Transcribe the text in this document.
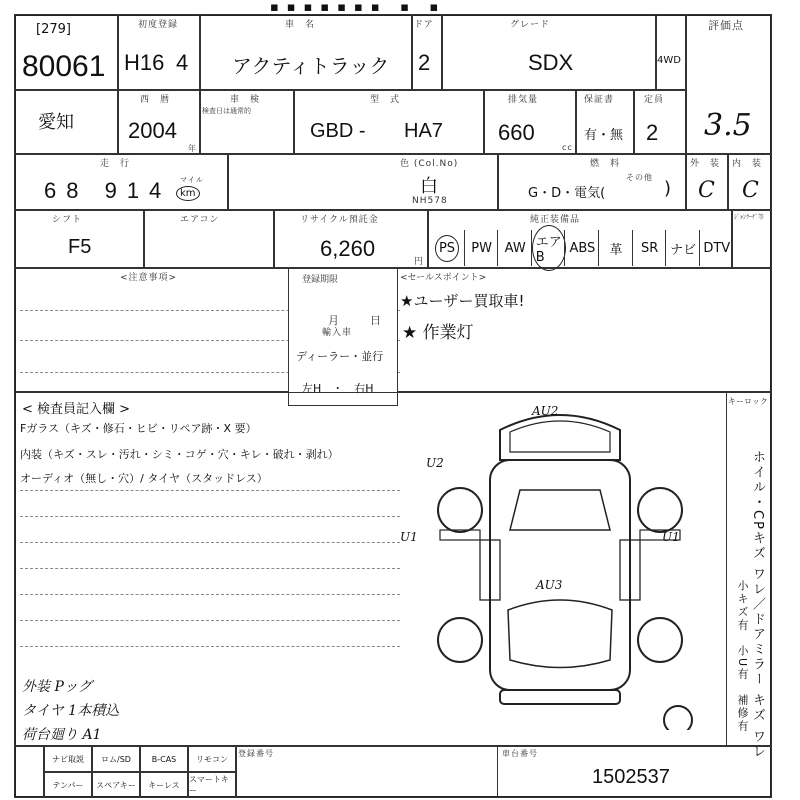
▪▪▪▪▪▪▪ ▪ ▪
[279]
80061
初度登録
H16 4
車　名
アクティトラック
ドア
2
グレード
SDX	4WD
評価点
3.5
愛知
西　暦
2004
年
車　検
検査日は通常的
型　式
GBD - HA7
排気量
660
cc
保証書
有・無
定員
2
走　行
68 914 マイル
km
色 (Col.No)
白
NH578
燃　料
G・D・電気(
その他
)
外　装
C
内　装
C
シフト
F5
エアコン	リサイクル預託金
6,260
円
純正装備品
PS	PW AW エアB
ABS 革 SR ナビ DTV
ｼﾞｬﾝｸｰﾅﾞ等
<注意事項>	登録期限
月	日
輸入車
ディーラー・並行
左H　・　右H
<セールスポイント>
★ユーザー買取車!
★ 作業灯
< 検査員記入欄 >
Fガラス（キズ・修石・ヒビ・リペア跡・X 要）
内装（キズ・スレ・汚れ・シミ・コゲ・穴・キレ・破れ・剥れ）
オーディオ（無し・穴）/ タイヤ（スタッドレス）
外装 Pッグ
タイヤ 1本積込
荷台廻り A1
キーロック
ホイル・CPキズ ワレ／ドアミラー キズ ワレ
小キズ有　小U有　補修有
AU2
U2
U1	U1
AU3
ナビ取説	ロム/SD	B-CAS	リモコン
テンパー	スペアキー	キーレス
スマートキー
登録番号	車台番号
1502537
